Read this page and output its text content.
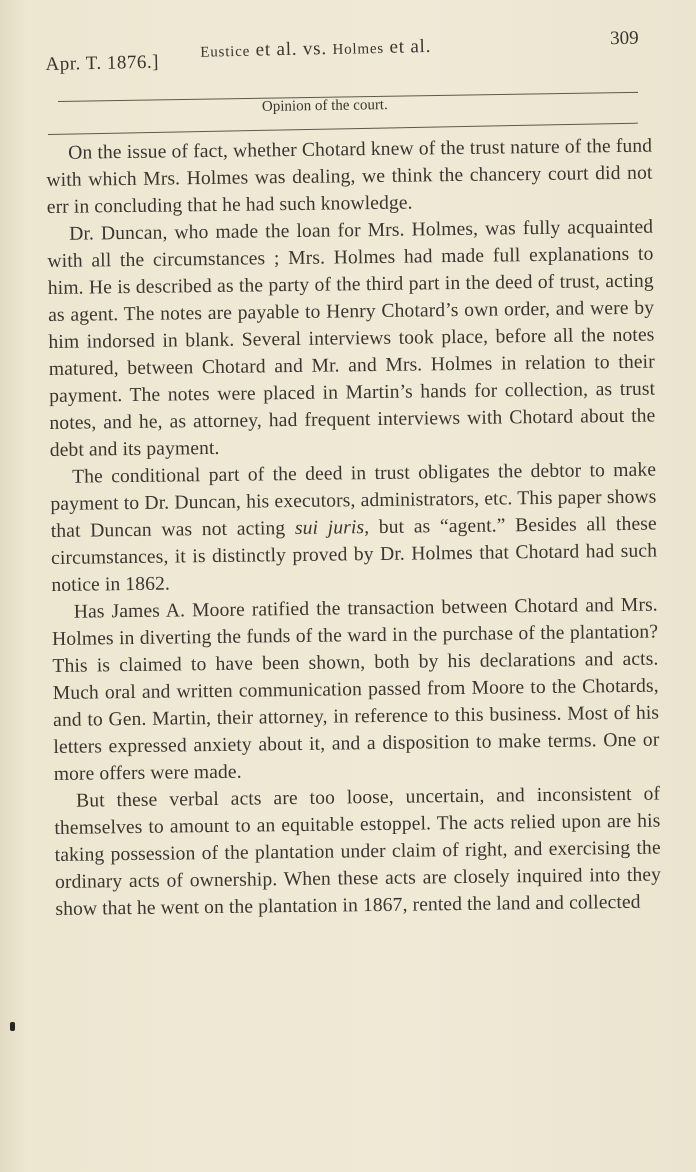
Apr. T. 1876.]	Eustice et al. vs. Holmes et al.	309
Opinion of the court.

On the issue of fact, whether Chotard knew of the trust nature of the fund with which Mrs. Holmes was dealing, we think the chancery court did not err in concluding that he had such knowledge.

Dr. Duncan, who made the loan for Mrs. Holmes, was fully acquainted with all the circumstances ; Mrs. Holmes had made full explanations to him. He is described as the party of the third part in the deed of trust, acting as agent. The notes are payable to Henry Chotard’s own order, and were by him indorsed in blank. Several interviews took place, before all the notes matured, between Chotard and Mr. and Mrs. Holmes in relation to their payment. The notes were placed in Martin’s hands for collection, as trust notes, and he, as attorney, had frequent interviews with Chotard about the debt and its payment.

The conditional part of the deed in trust obligates the debtor to make payment to Dr. Duncan, his executors, administrators, etc. This paper shows that Duncan was not acting sui juris, but as “agent.” Besides all these circumstances, it is distinctly proved by Dr. Holmes that Chotard had such notice in 1862.

Has James A. Moore ratified the transaction between Chotard and Mrs. Holmes in diverting the funds of the ward in the purchase of the plantation? This is claimed to have been shown, both by his declarations and acts. Much oral and written communication passed from Moore to the Chotards, and to Gen. Martin, their attorney, in reference to this business. Most of his letters expressed anxiety about it, and a disposition to make terms. One or more offers were made.

But these verbal acts are too loose, uncertain, and inconsistent of themselves to amount to an equitable estoppel. The acts relied upon are his taking possession of the plantation under claim of right, and exercising the ordinary acts of ownership. When these acts are closely inquired into they show that he went on the plantation in 1867, rented the land and collected
